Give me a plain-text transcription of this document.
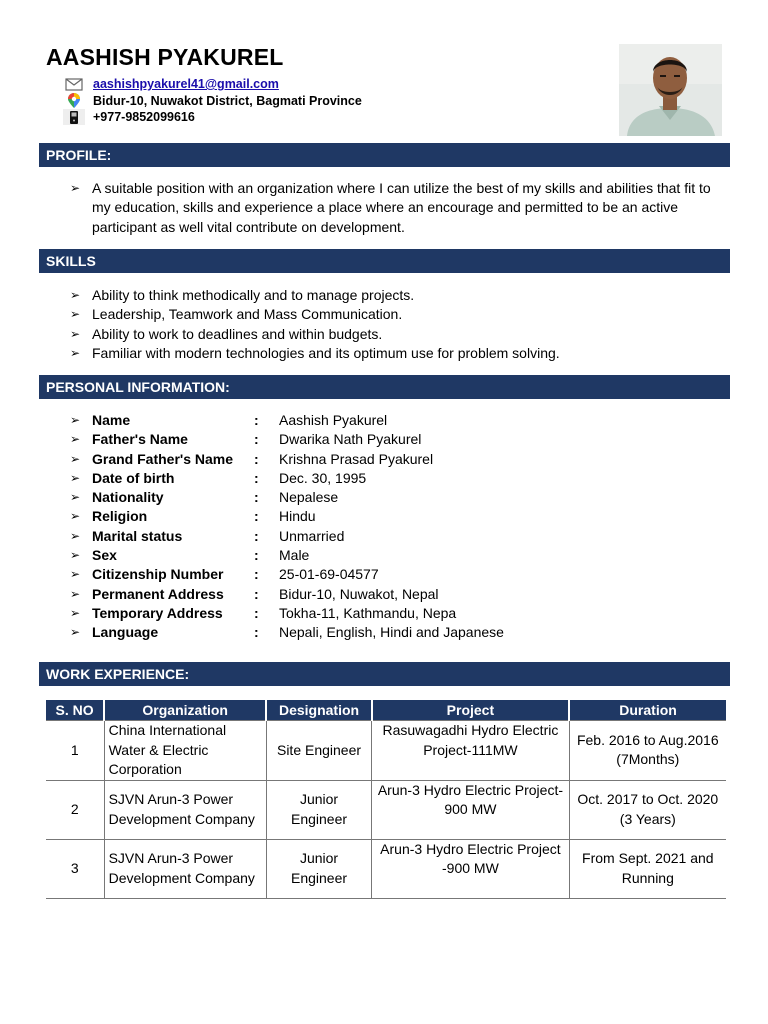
AASHISH PYAKUREL
aashishpyakurel41@gmail.com
Bidur-10, Nuwakot District, Bagmati Province
+977-9852099616
PROFILE:
➢ A suitable position with an organization where I can utilize the best of my skills and abilities that fit to my education, skills and experience a place where an encourage and permitted to be an active participant as well vital contribute on development.
SKILLS
➢ Ability to think methodically and to manage projects.
➢ Leadership, Teamwork and Mass Communication.
➢ Ability to work to deadlines and within budgets.
➢ Familiar with modern technologies and its optimum use for problem solving.
PERSONAL INFORMATION:
➢ Name	:	Aashish Pyakurel
➢ Father's Name	:	Dwarika Nath Pyakurel
➢ Grand Father's Name	:	Krishna Prasad Pyakurel
➢ Date of birth	:	Dec. 30, 1995
➢ Nationality	:	Nepalese
➢ Religion	:	Hindu
➢ Marital status	:	Unmarried
➢ Sex	:	Male
➢ Citizenship Number	:	25-01-69-04577
➢ Permanent Address	:	Bidur-10, Nuwakot, Nepal
➢ Temporary Address	:	Tokha-11, Kathmandu, Nepa
➢ Language	:	Nepali, English, Hindi and Japanese
WORK EXPERIENCE:
S. NO	Organization	Designation	Project	Duration
1	China International Water & Electric Corporation	Site Engineer	Rasuwagadhi Hydro Electric Project-111MW	Feb. 2016 to Aug.2016 (7Months)
2	SJVN Arun-3 Power Development Company	Junior Engineer	Arun-3 Hydro Electric Project-900 MW	Oct. 2017 to Oct. 2020 (3 Years)
3	SJVN Arun-3 Power Development Company	Junior Engineer	Arun-3 Hydro Electric Project -900 MW	From Sept. 2021 and Running
